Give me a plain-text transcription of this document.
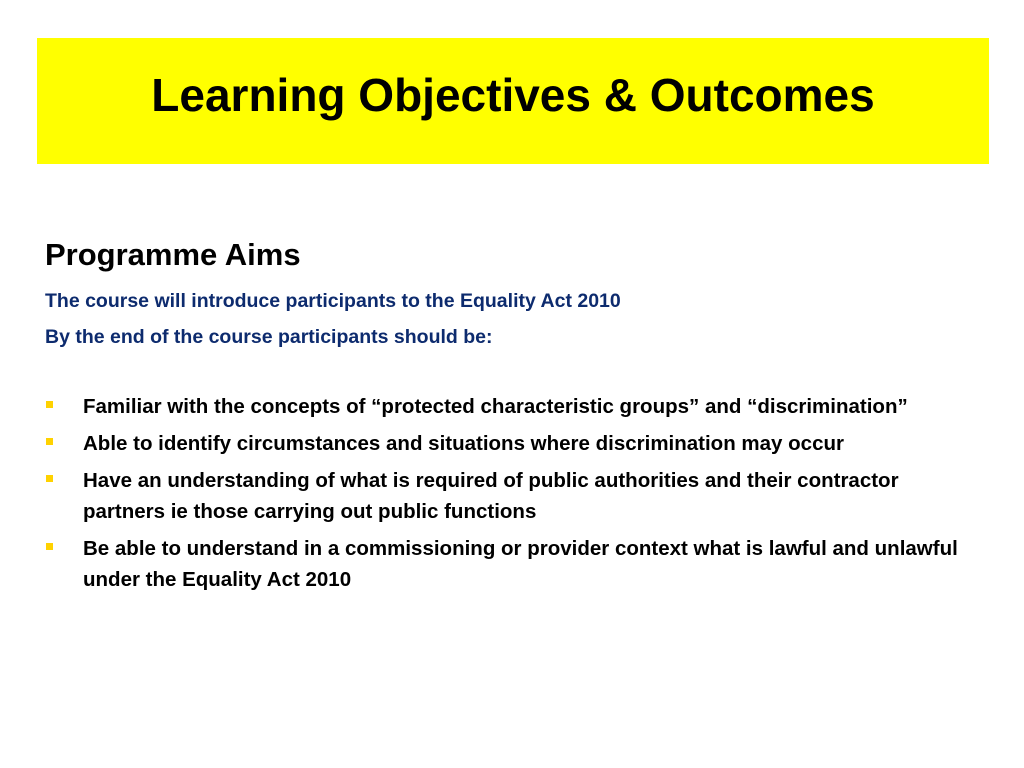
Learning Objectives & Outcomes
Programme Aims

The course will introduce participants to the Equality Act 2010

By the end of the course participants should be:

Familiar with the concepts of “protected characteristic groups” and “discrimination”
Able to identify circumstances and situations where discrimination may occur
Have an understanding of what is required of public authorities and their contractor partners ie those carrying out public functions
Be able to understand in a commissioning or provider context what is lawful and unlawful under the Equality Act 2010
